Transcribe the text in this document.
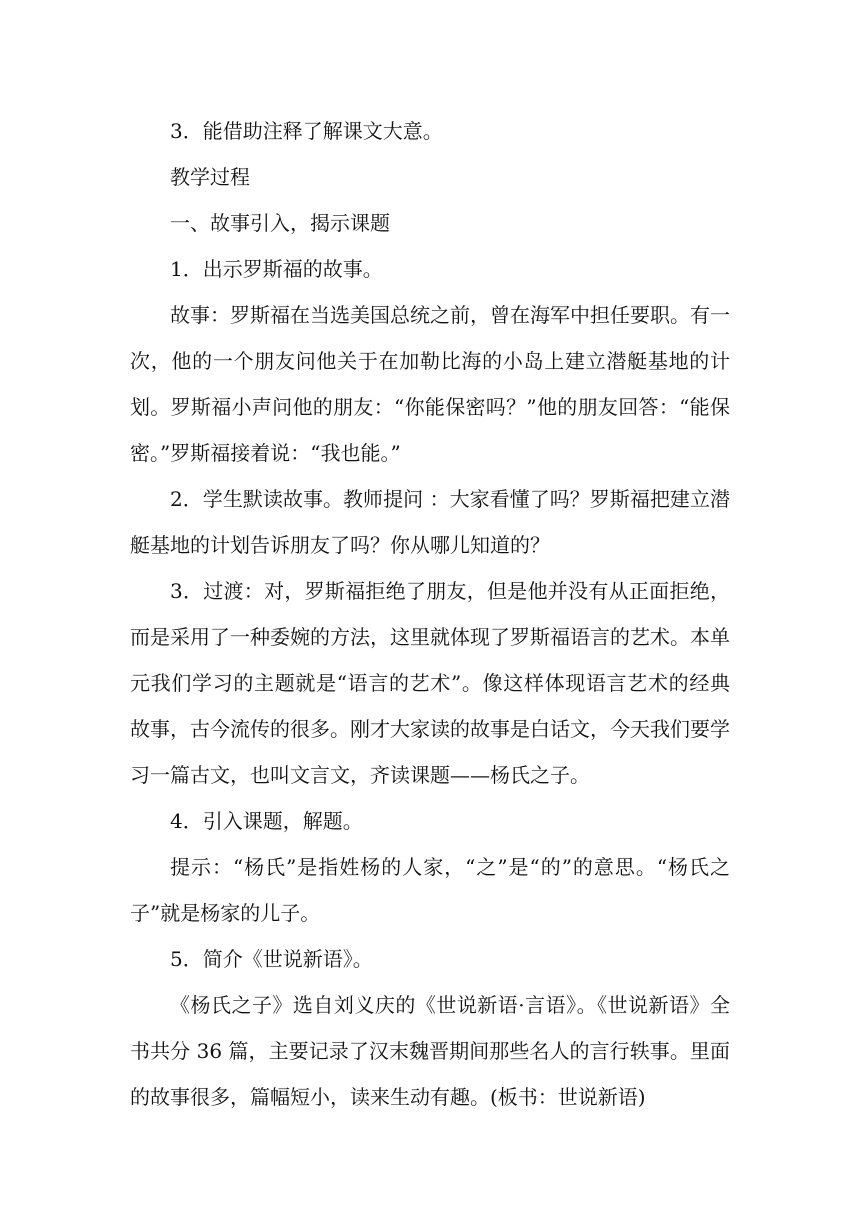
3．能借助注释了解课文大意。

教学过程

一、故事引入，揭示课题

1．出示罗斯福的故事。

故事：罗斯福在当选美国总统之前，曾在海军中担任要职。有一次，他的一个朋友问他关于在加勒比海的小岛上建立潜艇基地的计划。罗斯福小声问他的朋友：“你能保密吗？”他的朋友回答：“能保密。”罗斯福接着说：“我也能。”

2．学生默读故事。教师提问 ：大家看懂了吗？罗斯福把建立潜艇基地的计划告诉朋友了吗？你从哪儿知道的？

3．过渡：对，罗斯福拒绝了朋友，但是他并没有从正面拒绝，而是采用了一种委婉的方法，这里就体现了罗斯福语言的艺术。本单元我们学习的主题就是“语言的艺术”。像这样体现语言艺术的经典故事，古今流传的很多。刚才大家读的故事是白话文，今天我们要学习一篇古文，也叫文言文，齐读课题——杨氏之子。

4．引入课题，解题。

提示：“杨氏”是指姓杨的人家，“之”是“的”的意思。“杨氏之子”就是杨家的儿子。

5．简介《世说新语》。

《杨氏之子》选自刘义庆的《世说新语·言语》。《世说新语》全书共分 36 篇，主要记录了汉末魏晋期间那些名人的言行轶事。里面的故事很多，篇幅短小，读来生动有趣。(板书：世说新语)
